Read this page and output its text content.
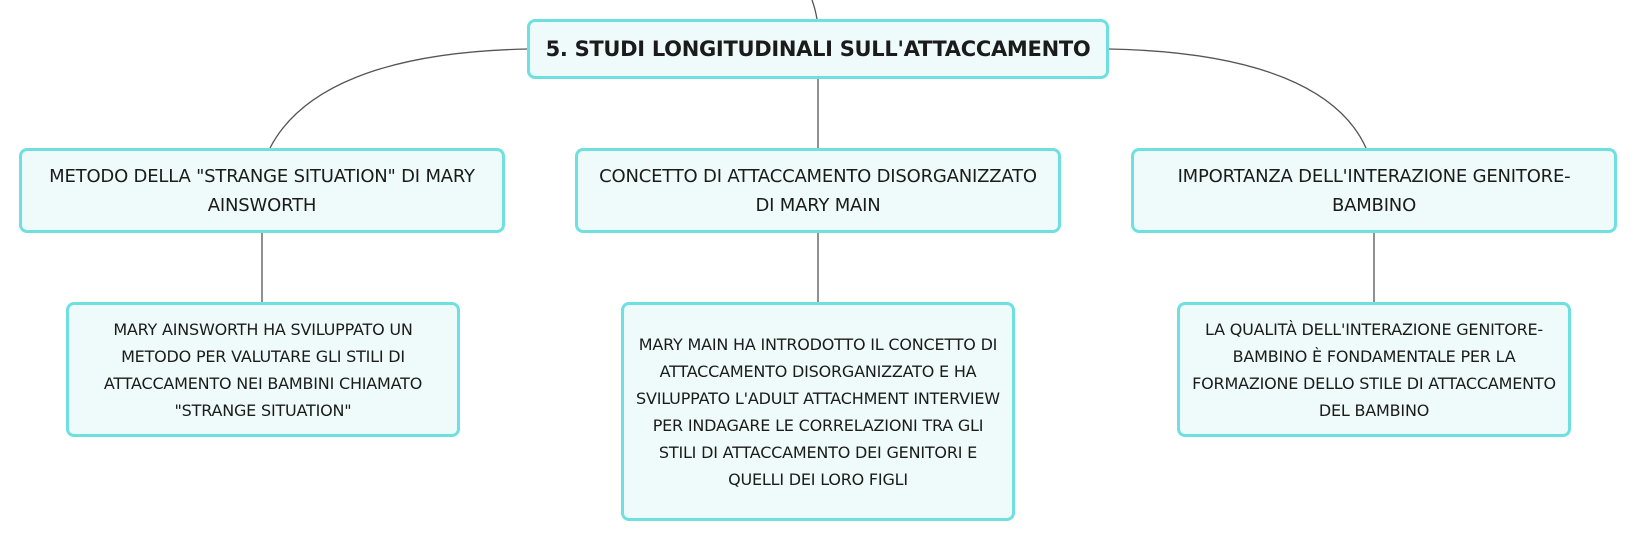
5. STUDI LONGITUDINALI SULL'ATTACCAMENTO
METODO DELLA "STRANGE SITUATION" DI MARY AINSWORTH
CONCETTO DI ATTACCAMENTO DISORGANIZZATO DI MARY MAIN
IMPORTANZA DELL'INTERAZIONE GENITORE-BAMBINO
MARY AINSWORTH HA SVILUPPATO UN METODO PER VALUTARE GLI STILI DI ATTACCAMENTO NEI BAMBINI CHIAMATO "STRANGE SITUATION"
MARY MAIN HA INTRODOTTO IL CONCETTO DI ATTACCAMENTO DISORGANIZZATO E HA SVILUPPATO L'ADULT ATTACHMENT INTERVIEW PER INDAGARE LE CORRELAZIONI TRA GLI STILI DI ATTACCAMENTO DEI GENITORI E QUELLI DEI LORO FIGLI
LA QUALITÀ DELL'INTERAZIONE GENITORE-BAMBINO È FONDAMENTALE PER LA FORMAZIONE DELLO STILE DI ATTACCAMENTO DEL BAMBINO
